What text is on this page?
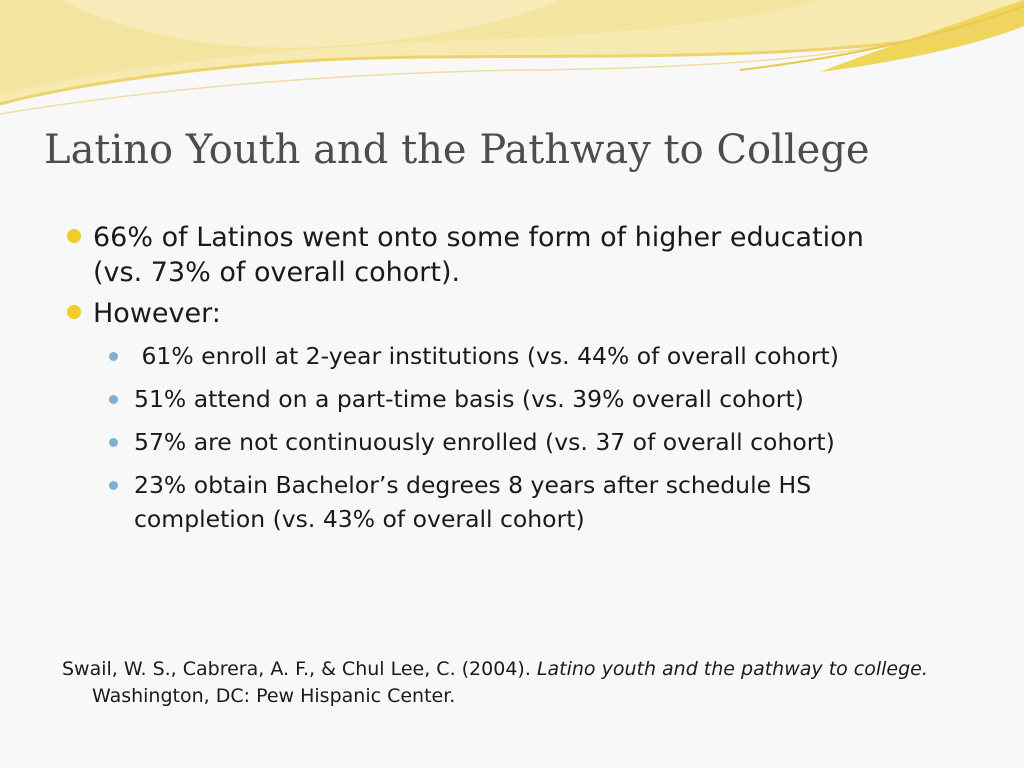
Latino Youth and the Pathway to College
66% of Latinos went onto some form of higher education (vs. 73% of overall cohort).
However:
61% enroll at 2-year institutions (vs. 44% of overall cohort)
51% attend on a part-time basis (vs. 39% overall cohort)
57% are not continuously enrolled (vs. 37 of overall cohort)
23% obtain Bachelor’s degrees 8 years after schedule HS completion (vs. 43% of overall cohort)
Swail, W. S., Cabrera, A. F., & Chul Lee, C. (2004). Latino youth and the pathway to college. Washington, DC: Pew Hispanic Center.
